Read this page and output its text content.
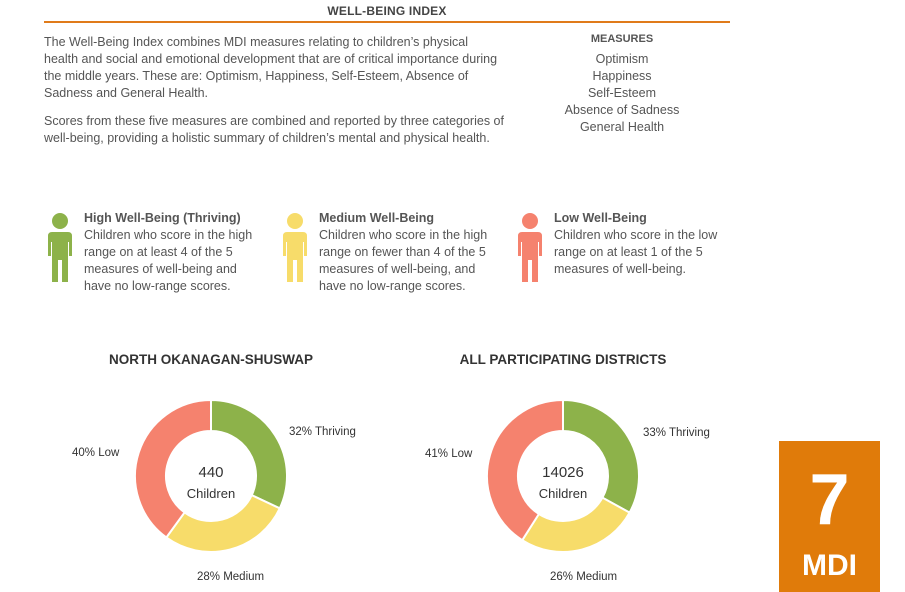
WELL-BEING INDEX

The Well-Being Index combines MDI measures relating to children’s physical health and social and emotional development that are of critical importance during the middle years. These are: Optimism, Happiness, Self-Esteem, Absence of Sadness and General Health.

Scores from these five measures are combined and reported by three categories of well-being, providing a holistic summary of children’s mental and physical health.

MEASURES
Optimism
Happiness
Self-Esteem
Absence of Sadness
General Health
High Well-Being (Thriving)
Children who score in the high range on at least 4 of the 5 measures of well-being and have no low-range scores.
Medium Well-Being
Children who score in the high range on fewer than 4 of the 5 measures of well-being, and have no low-range scores.
Low Well-Being
Children who score in the low range on at least 1 of the 5 measures of well-being.
NORTH OKANAGAN-SHUSWAP	ALL PARTICIPATING DISTRICTS
440
Children
32% Thriving
28% Medium
40% Low
14026
Children
33% Thriving
26% Medium
41% Low
7
MDI
